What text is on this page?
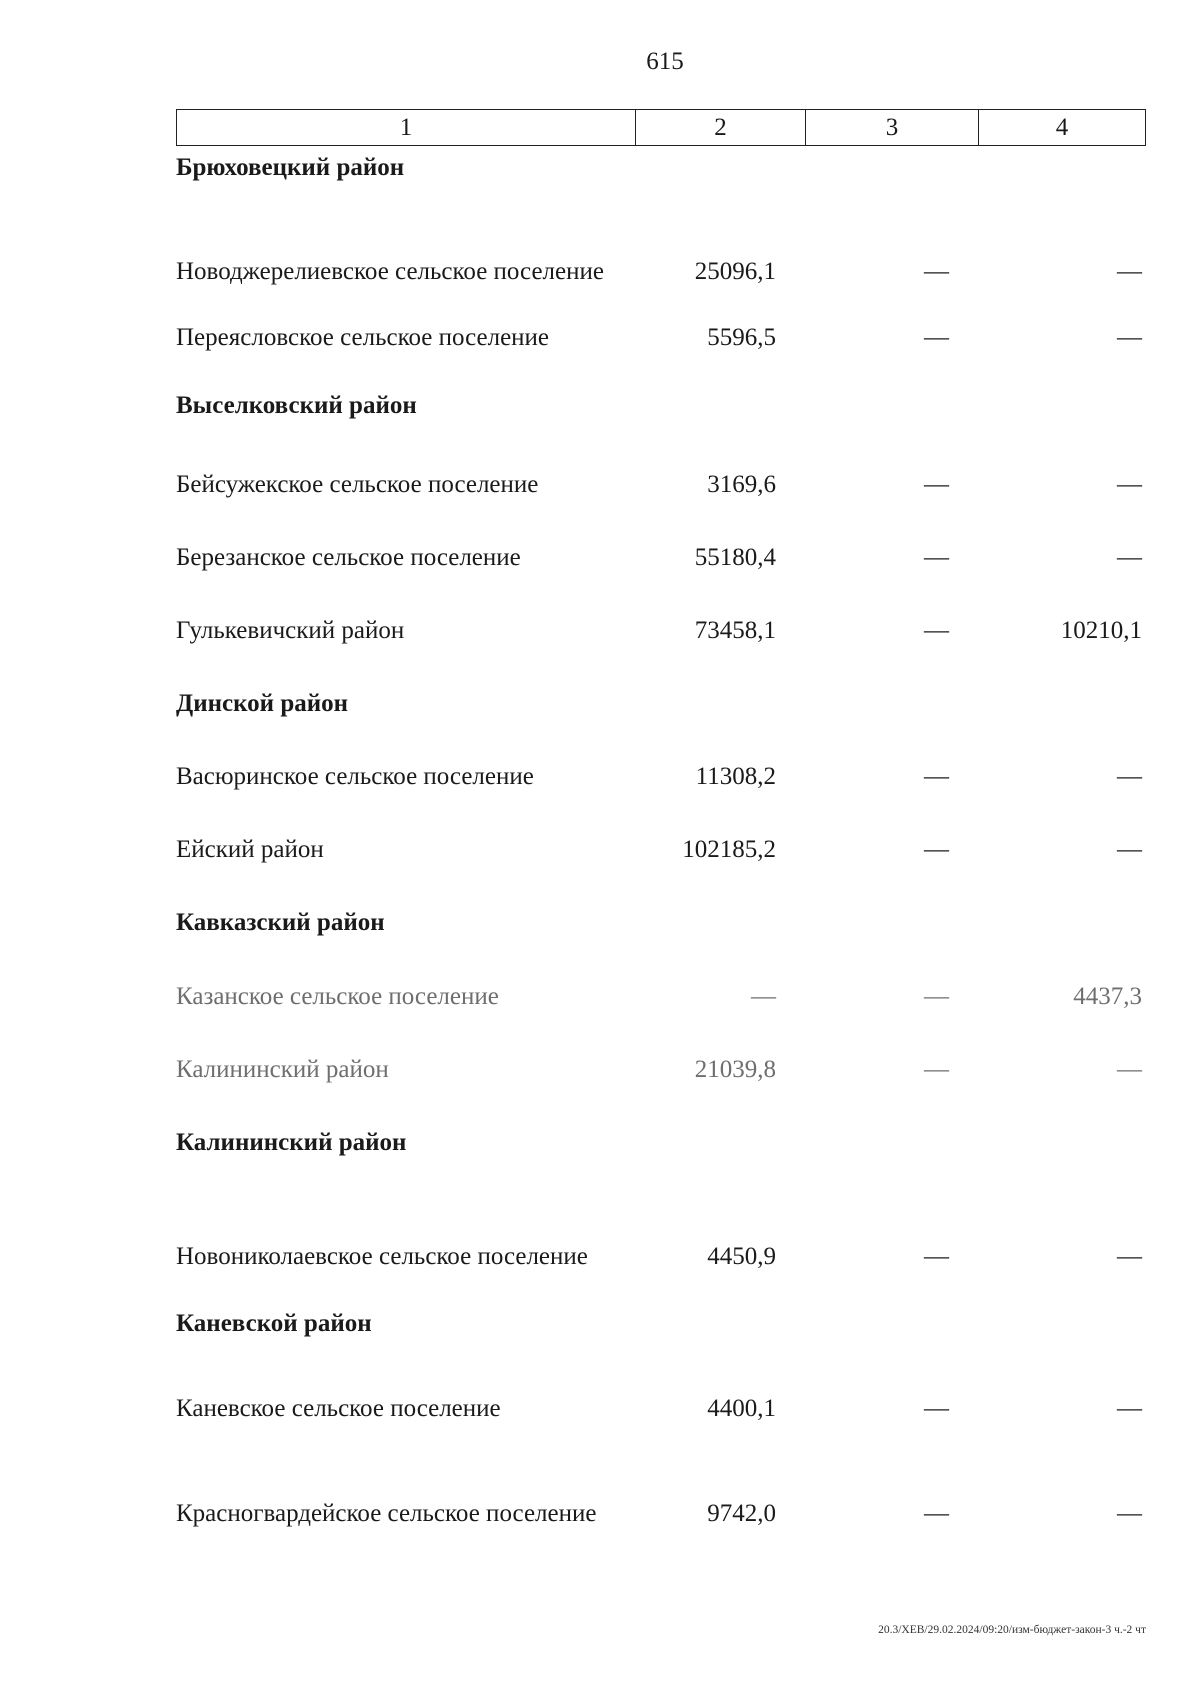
615
1	2	3	4
Брюховецкий район
Новоджерелиевское сельское поселение	25096,1	—	—
Переясловское сельское поселение	5596,5	—	—
Выселковский район
Бейсужекское сельское поселение	3169,6	—	—
Березанское сельское поселение	55180,4	—	—
Гулькевичский район	73458,1	—	10210,1
Динской район
Васюринское сельское поселение	11308,2	—	—
Ейский район	102185,2	—	—
Кавказский район
Казанское сельское поселение	—	—	4437,3
Калининский район	21039,8	—	—
Калининский район
Новониколаевское сельское поселение	4450,9	—	—
Каневской район
Каневское сельское поселение	4400,1	—	—
Красногвардейское сельское поселение	9742,0	—	—
20.3/ХЕВ/29.02.2024/09:20/изм-бюджет-закон-3 ч.-2 чт
